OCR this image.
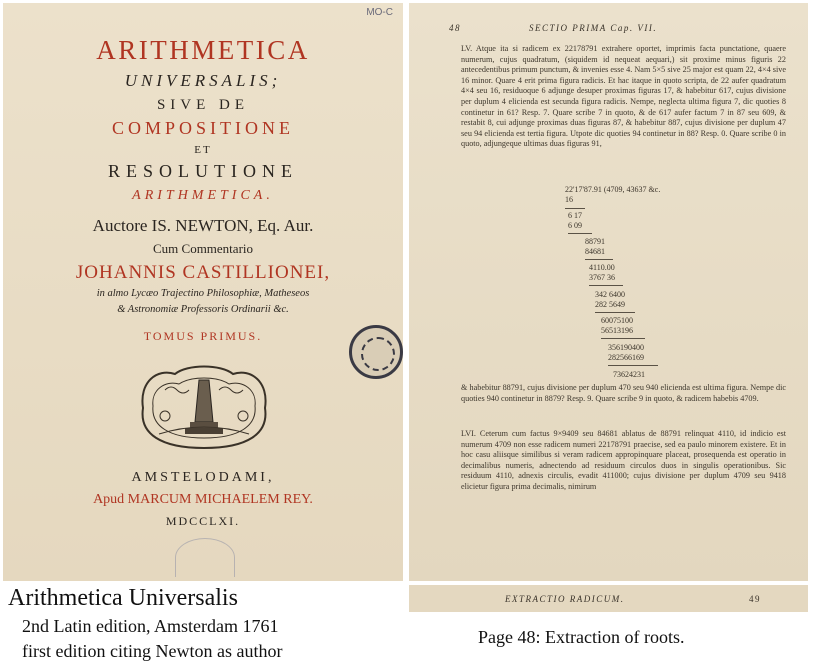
MO-C
ARITHMETICA
UNIVERSALIS;
SIVE DE
COMPOSITIONE
ET
RESOLUTIONE
ARITHMETICA.
Auctore IS. NEWTON, Eq. Aur.
Cum Commentario
JOHANNIS CASTILLIONEI,
in almo Lycæo Trajectino Philosophiæ, Matheseos
& Astronomiæ Professoris Ordinarii &c.
TOMUS PRIMUS.
AMSTELODAMI,
Apud MARCUM MICHAELEM REY.
MDCCLXI.
48	SECTIO PRIMA Cap. VII.
LV. Atque ita si radicem ex 22178791 extrahere oportet, imprimis facta punctatione, quaere numerum, cujus quadratum, (siquidem id nequeat aequari,) sit proxime minus figuris 22 antecedentibus primum punctum, & invenies esse 4. Nam 5×5 sive 25 major est quam 22, 4×4 sive 16 minor. Quare 4 erit prima figura radicis. Et hac itaque in quoto scripta, de 22 aufer quadratum 4×4 seu 16, residuoque 6 adjunge desuper proximas figuras 17, & habebitur 617, cujus divisione per duplum 4 elicienda est secunda figura radicis. Nempe, neglecta ultima figura 7, dic quoties 8 continetur in 61? Resp. 7. Quare scribe 7 in quoto, & de 617 aufer factum 7 in 87 seu 609, & restabit 8, cui adjunge proximas duas figuras 87, & habebitur 887, cujus divisione per duplum 47 seu 94 elicienda est tertia figura. Utpote dic quoties 94 continetur in 88? Resp. 0. Quare scribe 0 in quoto, adjungeque ultimas duas figuras 91,
22'17'87.91 (4709, 43637 &c.
16
6 17
6 09
88791
84681
4110.00
3767 36
342 6400
282 5649
60075100
56513196
356190400
282566169
73624231
& habebitur 88791, cujus divisione per duplum 470 seu 940 elicienda est ultima figura. Nempe dic quoties 940 continetur in 8879? Resp. 9. Quare scribe 9 in quoto, & radicem habebis 4709.
LVI. Ceterum cum factus 9×9409 seu 84681 ablatus de 88791 relinquat 4110, id indicio est numerum 4709 non esse radicem numeri 22178791 praecise, sed ea paulo minorem existere. Et in hoc casu aliisque similibus si veram radicem appropinquare placeat, prosequenda est operatio in decimalibus numeris, adnectendo ad residuum circulos duos in singulis operationibus. Sic residuum 4110, adnexis circulis, evadit 411000; cujus divisione per duplum 4709 seu 9418 elicietur figura prima decimalis, nimirum
EXTRACTIO RADICUM.	49
Arithmetica Universalis
2nd Latin edition, Amsterdam 1761
first edition citing Newton as author
Page 48: Extraction of roots.
